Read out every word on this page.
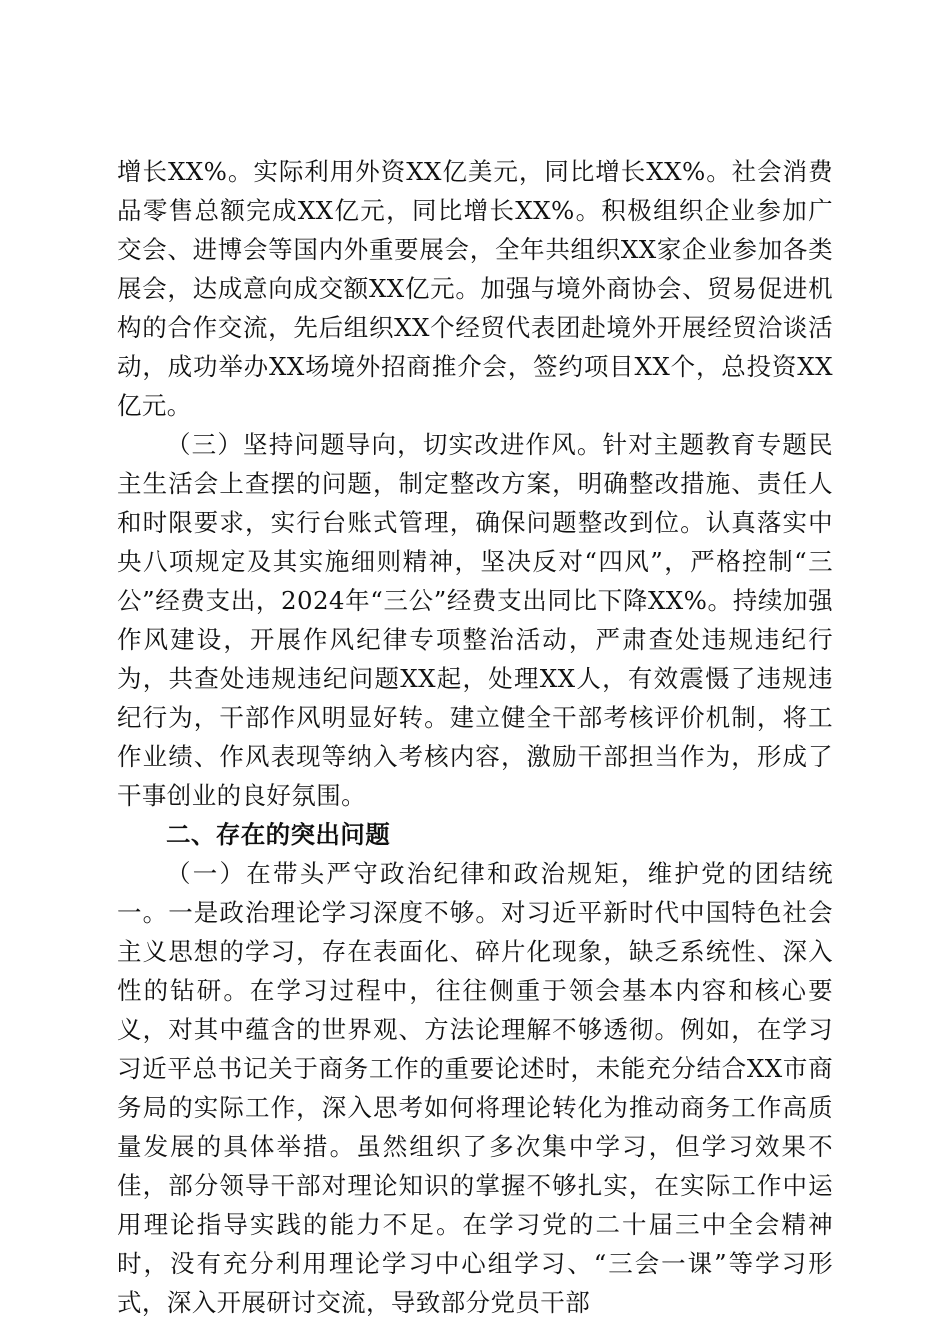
增长XX%。实际利用外资XX亿美元，同比增长XX%。社会消费品零售总额完成XX亿元，同比增长XX%。积极组织企业参加广交会、进博会等国内外重要展会，全年共组织XX家企业参加各类展会，达成意向成交额XX亿元。加强与境外商协会、贸易促进机构的合作交流，先后组织XX个经贸代表团赴境外开展经贸洽谈活动，成功举办XX场境外招商推介会，签约项目XX个，总投资XX亿元。

（三）坚持问题导向，切实改进作风。针对主题教育专题民主生活会上查摆的问题，制定整改方案，明确整改措施、责任人和时限要求，实行台账式管理，确保问题整改到位。认真落实中央八项规定及其实施细则精神，坚决反对“四风”，严格控制“三公”经费支出，2024年“三公”经费支出同比下降XX%。持续加强作风建设，开展作风纪律专项整治活动，严肃查处违规违纪行为，共查处违规违纪问题XX起，处理XX人，有效震慑了违规违纪行为，干部作风明显好转。建立健全干部考核评价机制，将工作业绩、作风表现等纳入考核内容，激励干部担当作为，形成了干事创业的良好氛围。

二、存在的突出问题

（一）在带头严守政治纪律和政治规矩，维护党的团结统一。一是政治理论学习深度不够。对习近平新时代中国特色社会主义思想的学习，存在表面化、碎片化现象，缺乏系统性、深入性的钻研。在学习过程中，往往侧重于领会基本内容和核心要义，对其中蕴含的世界观、方法论理解不够透彻。例如，在学习习近平总书记关于商务工作的重要论述时，未能充分结合XX市商务局的实际工作，深入思考如何将理论转化为推动商务工作高质量发展的具体举措。虽然组织了多次集中学习，但学习效果不佳，部分领导干部对理论知识的掌握不够扎实，在实际工作中运用理论指导实践的能力不足。在学习党的二十届三中全会精神时，没有充分利用理论学习中心组学习、“三会一课”等学习形式，深入开展研讨交流，导致部分党员干部
